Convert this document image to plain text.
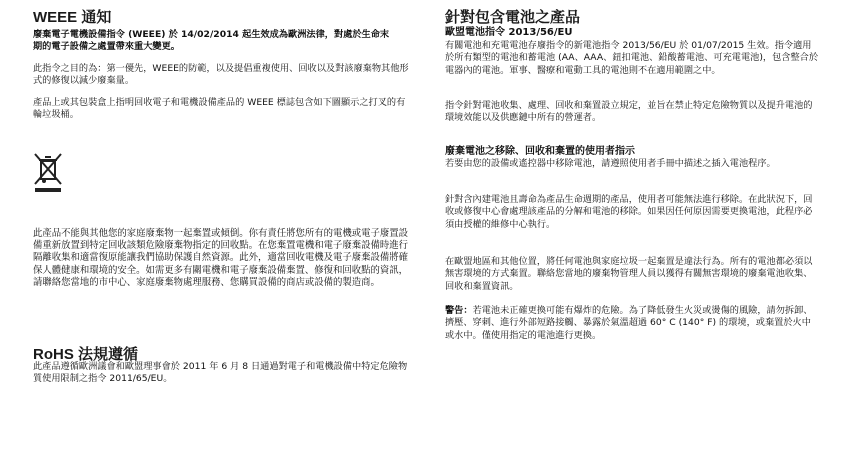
WEEE 通知

廢棄電子電機設備指令 (WEEE) 於 14/02/2014 起生效成為歐洲法律，對處於生命末期的電子設備之處置帶來重大變更。

此指令之目的為：第一優先，WEEE的防範，以及提倡重複使用、回收以及對該廢棄物其他形式的修復以減少廢棄量。

產品上或其包裝盒上指明回收電子和電機設備產品的 WEEE 標誌包含如下圖顯示之打叉的有輪垃圾桶。

此產品不能與其他您的家庭廢棄物一起棄置或傾倒。你有責任將您所有的電機或電子廢置設備重新放置到特定回收該類危險廢棄物指定的回收點。在您棄置電機和電子廢棄設備時進行隔離收集和適當復原能讓我們協助保護自然資源。此外，適當回收電機及電子廢棄設備將確保人體健康和環境的安全。如需更多有關電機和電子廢棄設備棄置、修復和回收點的資訊，請聯絡您當地的市中心、家庭廢棄物處理服務、您購買設備的商店或設備的製造商。

RoHS 法規遵循

此產品遵循歐洲議會和歐盟理事會於 2011 年 6 月 8 日通過對電子和電機設備中特定危險物質使用限制之指令 2011/65/EU。

針對包含電池之產品
歐盟電池指令 2013/56/EU

有關電池和充電電池存廢指令的新電池指令 2013/56/EU 於 01/07/2015 生效。指令適用於所有類型的電池和蓄電池 (AA、AAA、鈕扣電池、鉛酸蓄電池、可充電電池)，包含整合於電器內的電池。軍事、醫療和電動工具的電池則不在適用範圍之中。

指令針對電池收集、處理、回收和棄置設立規定，並旨在禁止特定危險物質以及提升電池的環境效能以及供應鏈中所有的營運者。

廢棄電池之移除、回收和棄置的使用者指示

若要由您的設備或遙控器中移除電池，請遵照使用者手冊中描述之插入電池程序。

針對含內建電池且壽命為產品生命週期的產品，使用者可能無法進行移除。在此狀況下，回收或修復中心會處理該產品的分解和電池的移除。如果因任何原因需要更換電池，此程序必須由授權的維修中心執行。

在歐盟地區和其他位置，將任何電池與家庭垃圾一起棄置是違法行為。所有的電池都必須以無害環境的方式棄置。聯絡您當地的廢棄物管理人員以獲得有關無害環境的廢棄電池收集、回收和棄置資訊。

警告：若電池未正確更換可能有爆炸的危險。為了降低發生火災或燙傷的風險，請勿拆卸、擠壓、穿刺、進行外部短路接觸、暴露於氣溫超過 60° C (140° F) 的環境，或棄置於火中或水中。僅使用指定的電池進行更換。
